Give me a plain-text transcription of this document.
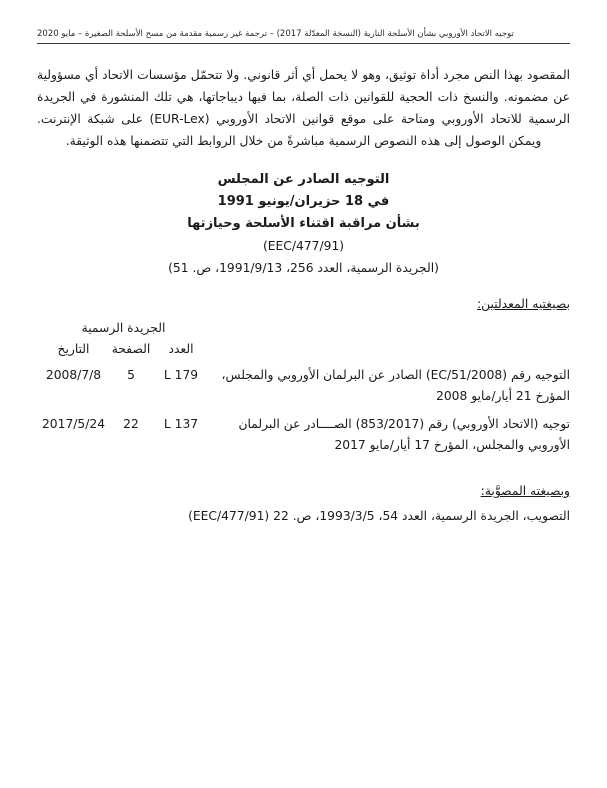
توجيه الاتحاد الأوروبي بشأن الأسلحة النارية (النسخة المعدّلة 2017) – ترجمة غير رسمية مقدمة من مسح الأسلحة الصغيرة – مايو 2020

المقصود بهذا النص مجرد أداة توثيق، وهو لا يحمل أي أثر قانوني. ولا تتحمّل مؤسسات الاتحاد أي مسؤولية عن مضمونه. والنسخ ذات الحجية للقوانين ذات الصلة، بما فيها ديباجاتها، هي تلك المنشورة في الجريدة الرسمية للاتحاد الأوروبي ومتاحة على موقع قوانين الاتحاد الأوروبي (EUR-Lex) على شبكة الإنترنت. ويمكن الوصول إلى هذه النصوص الرسمية مباشرةً من خلال الروابط التي تتضمنها هذه الوثيقة.

التوجيه الصادر عن المجلس
في 18 حزيران/يونيو 1991
بشأن مراقبة اقتناء الأسلحة وحيازتها
(EEC/477/91)
(الجريدة الرسمية، العدد 256، 1991/9/13، ص. 51)
بصيغتيه المعدلتين:
الجريدة الرسمية
العدد
الصفحة
التاريخ
التوجيه رقم (EC/51/2008) الصادر عن البرلمان الأوروبي والمجلس، المؤرخ 21 أيار/مايو 2008
L 179
5
2008/7/8
توجيه (الاتحاد الأوروبي) رقم (853/2017) الصــــادر عن البرلمان الأوروبي والمجلس، المؤرخ 17 أيار/مايو 2017
L 137
22
2017/5/24
وبصيغته المصوَّبة:
التصويب، الجريدة الرسمية، العدد 54، 1993/3/5، ص. 22 (EEC/477/91)
